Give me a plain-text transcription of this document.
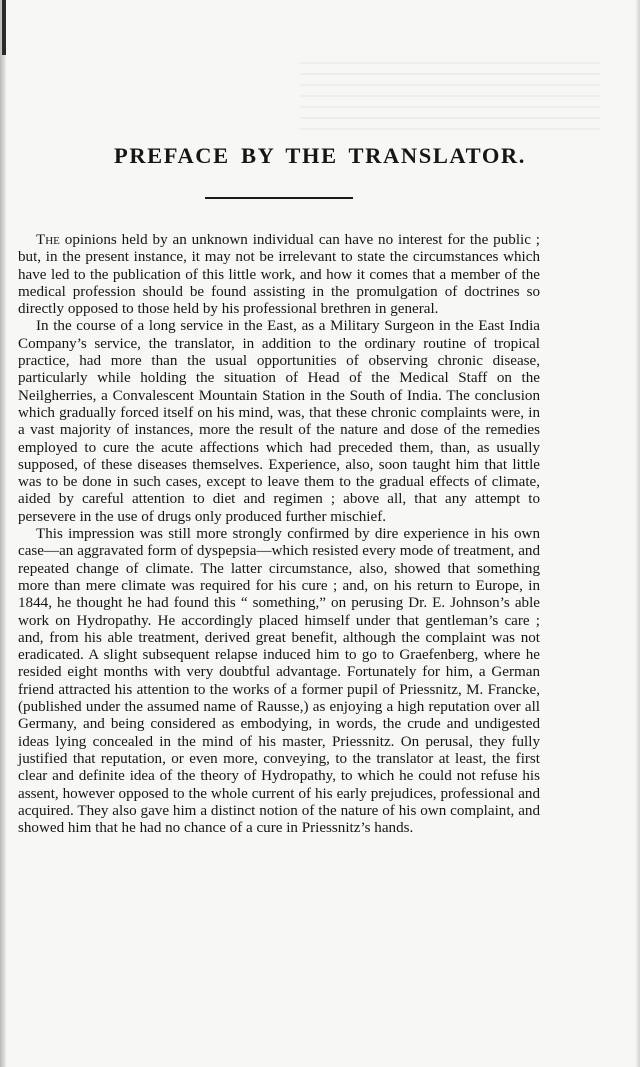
PREFACE BY THE TRANSLATOR.

The opinions held by an unknown individual can have no interest for the public ; but, in the present instance, it may not be irrelevant to state the circumstances which have led to the publication of this little work, and how it comes that a member of the medical profession should be found assisting in the promulgation of doctrines so directly opposed to those held by his professional brethren in general.

In the course of a long service in the East, as a Military Surgeon in the East India Company’s service, the translator, in addition to the ordinary routine of tropical practice, had more than the usual opportunities of observing chronic disease, particularly while holding the situation of Head of the Medical Staff on the Neilgherries, a Convalescent Mountain Station in the South of India. The conclusion which gradually forced itself on his mind, was, that these chronic complaints were, in a vast majority of instances, more the result of the nature and dose of the remedies employed to cure the acute affections which had preceded them, than, as usually supposed, of these diseases themselves. Experience, also, soon taught him that little was to be done in such cases, except to leave them to the gradual effects of climate, aided by careful attention to diet and regimen ; above all, that any attempt to persevere in the use of drugs only produced further mischief.

This impression was still more strongly confirmed by dire experience in his own case—an aggravated form of dyspepsia—which resisted every mode of treatment, and repeated change of climate. The latter circumstance, also, showed that something more than mere climate was required for his cure ; and, on his return to Europe, in 1844, he thought he had found this “ something,” on perusing Dr. E. Johnson’s able work on Hydropathy. He accordingly placed himself under that gentleman’s care ; and, from his able treatment, derived great benefit, although the complaint was not eradicated. A slight subsequent relapse induced him to go to Graefenberg, where he resided eight months with very doubtful advantage. Fortunately for him, a German friend attracted his attention to the works of a former pupil of Priessnitz, M. Francke, (published under the assumed name of Rausse,) as enjoying a high reputation over all Germany, and being considered as embodying, in words, the crude and undigested ideas lying concealed in the mind of his master, Priessnitz. On perusal, they fully justified that reputation, or even more, conveying, to the translator at least, the first clear and definite idea of the theory of Hydropathy, to which he could not refuse his assent, however opposed to the whole current of his early prejudices, professional and acquired. They also gave him a distinct notion of the nature of his own complaint, and showed him that he had no chance of a cure in Priessnitz’s hands.
